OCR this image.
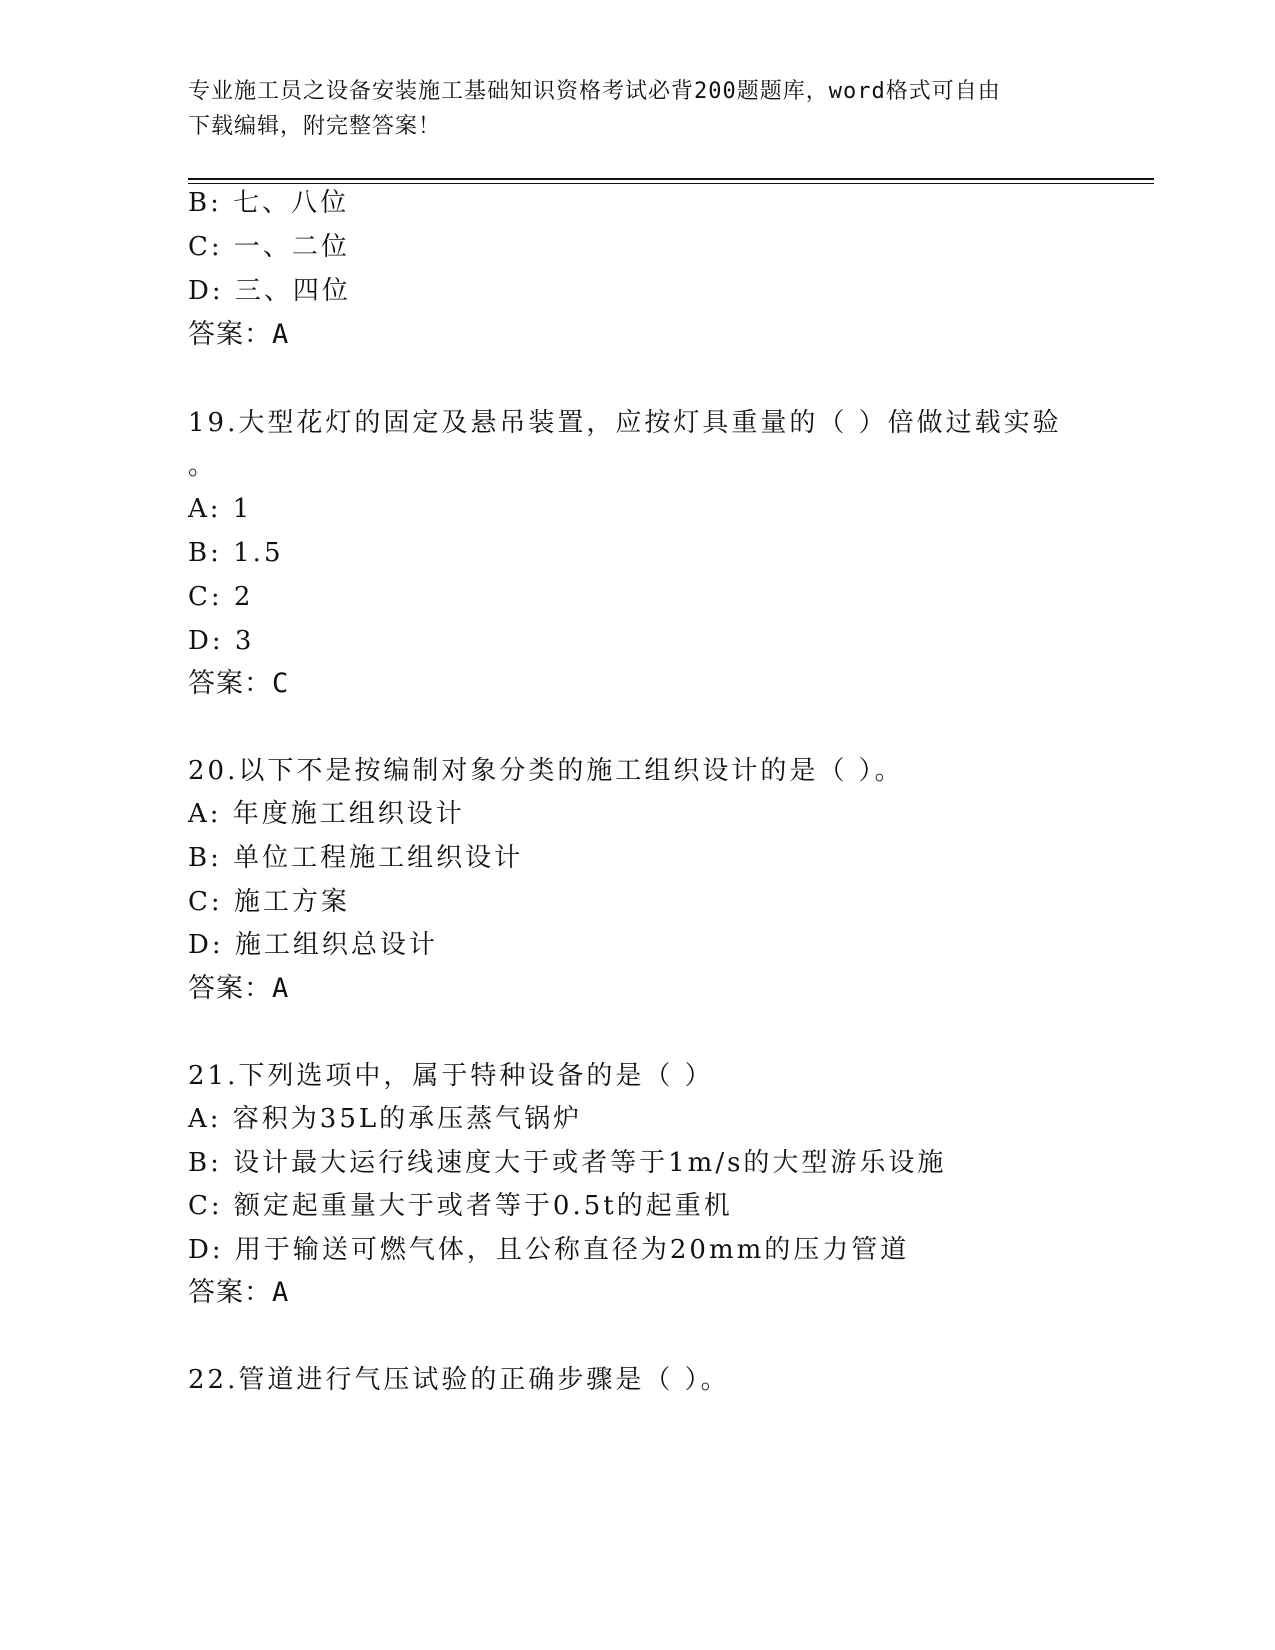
专业施工员之设备安装施工基础知识资格考试必背200题题库，word格式可自由
下载编辑，附完整答案！
B: 七、八位
C: 一、二位
D: 三、四位
答案：A
19.大型花灯的固定及悬吊装置，应按灯具重量的（ ）倍做过载实验
。
A: 1
B: 1.5
C: 2
D: 3
答案：C
20.以下不是按编制对象分类的施工组织设计的是（ ）。
A: 年度施工组织设计
B: 单位工程施工组织设计
C: 施工方案
D: 施工组织总设计
答案：A
21.下列选项中，属于特种设备的是（ ）
A: 容积为35L的承压蒸气锅炉
B: 设计最大运行线速度大于或者等于1m/s的大型游乐设施
C: 额定起重量大于或者等于0.5t的起重机
D: 用于输送可燃气体，且公称直径为20mm的压力管道
答案：A
22.管道进行气压试验的正确步骤是（ ）。
